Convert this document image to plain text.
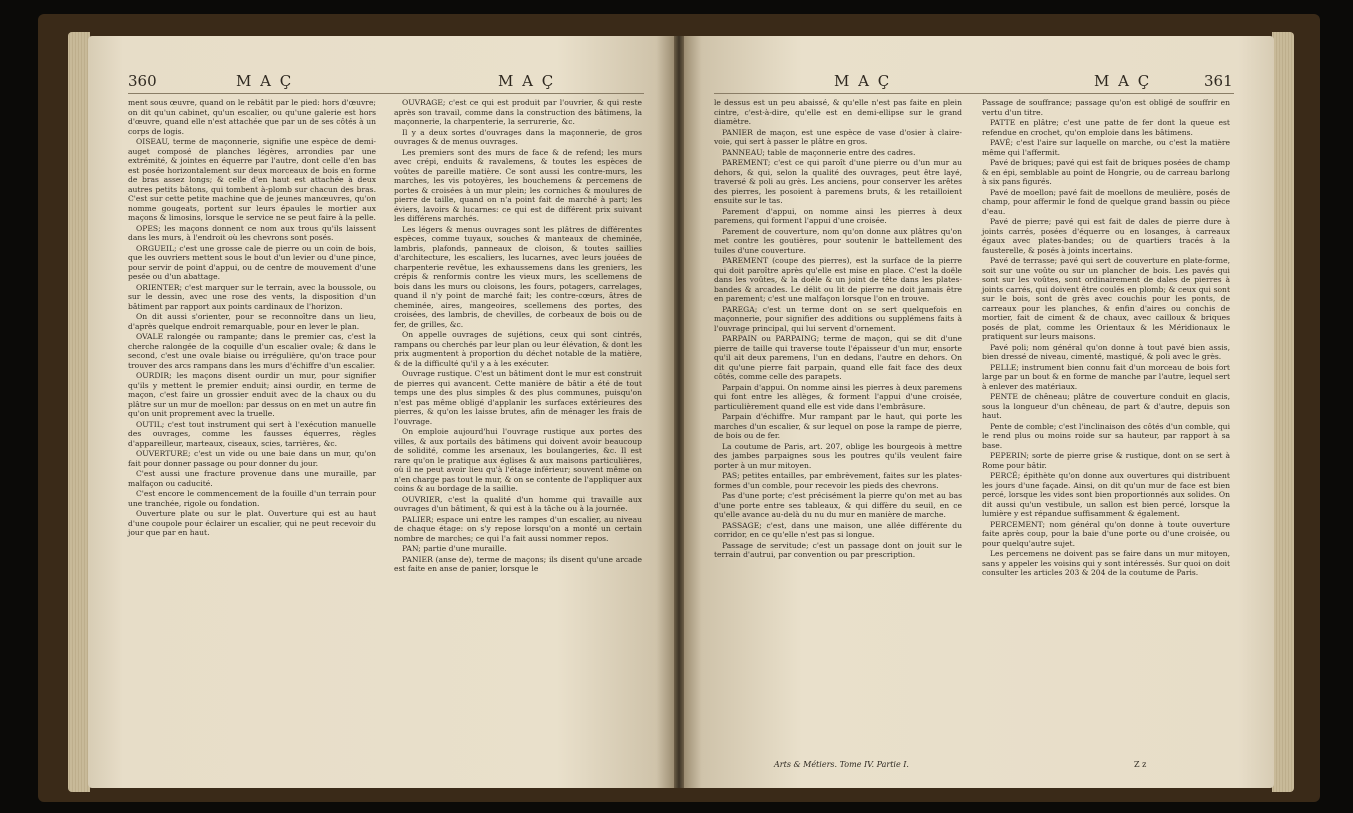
360	M A Ç	M A Ç

ment sous œuvre, quand on le rebâtit par le pied: hors d'œuvre; on dit qu'un cabinet, qu'un escalier, ou qu'une galerie est hors d'œuvre, quand elle n'est attachée que par un de ses côtés à un corps de logis.

OISEAU, terme de maçonnerie, signifie une espèce de demi-auget composé de planches légères, arrondies par une extrémité, & jointes en équerre par l'autre, dont celle d'en bas est posée horizontalement sur deux morceaux de bois en forme de bras assez longs; & celle d'en haut est attachée à deux autres petits bâtons, qui tombent à-plomb sur chacun des bras. C'est sur cette petite machine que de jeunes manœuvres, qu'on nomme gougeats, portent sur leurs épaules le mortier aux maçons & limosins, lorsque le service ne se peut faire à la pelle.

OPES; les maçons donnent ce nom aux trous qu'ils laissent dans les murs, à l'endroit où les chevrons sont posés.

ORGUEIL; c'est une grosse cale de pierre ou un coin de bois, que les ouvriers mettent sous le bout d'un levier ou d'une pince, pour servir de point d'appui, ou de centre de mouvement d'une pesée ou d'un abattage.

ORIENTER; c'est marquer sur le terrain, avec la boussole, ou sur le dessin, avec une rose des vents, la disposition d'un bâtiment par rapport aux points cardinaux de l'horizon.

On dit aussi s'orienter, pour se reconnoître dans un lieu, d'après quelque endroit remarquable, pour en lever le plan.

OVALE ralongée ou rampante; dans le premier cas, c'est la cherche ralongée de la coquille d'un escalier ovale; & dans le second, c'est une ovale biaise ou irrégulière, qu'on trace pour trouver des arcs rampans dans les murs d'échiffre d'un escalier.

OURDIR; les maçons disent ourdir un mur, pour signifier qu'ils y mettent le premier enduit; ainsi ourdir, en terme de maçon, c'est faire un grossier enduit avec de la chaux ou du plâtre sur un mur de moellon: par dessus on en met un autre fin qu'on unit proprement avec la truelle.

OUTIL; c'est tout instrument qui sert à l'exécution manuelle des ouvrages, comme les fausses équerres, règles d'appareilleur, marteaux, ciseaux, scies, tarrières, &c.

OUVERTURE; c'est un vide ou une baie dans un mur, qu'on fait pour donner passage ou pour donner du jour.

C'est aussi une fracture provenue dans une muraille, par malfaçon ou caducité.

C'est encore le commencement de la fouille d'un terrain pour une tranchée, rigole ou fondation.

Ouverture plate ou sur le plat. Ouverture qui est au haut d'une coupole pour éclairer un escalier, qui ne peut recevoir du jour que par en haut.

OUVRAGE; c'est ce qui est produit par l'ouvrier, & qui reste après son travail, comme dans la construction des bâtimens, la maçonnerie, la charpenterie, la serrurerie, &c.

Il y a deux sortes d'ouvrages dans la maçonnerie, de gros ouvrages & de menus ouvrages.

Les premiers sont des murs de face & de refend; les murs avec crépi, enduits & ravalemens, & toutes les espèces de voûtes de pareille matière. Ce sont aussi les contre-murs, les marches, les vis potoyères, les bouchemens & percemens de portes & croisées à un mur plein; les corniches & moulures de pierre de taille, quand on n'a point fait de marché à part; les éviers, lavoirs & lucarnes: ce qui est de différent prix suivant les différens marchés.

Les légers & menus ouvrages sont les plâtres de différentes espèces, comme tuyaux, souches & manteaux de cheminée, lambris, plafonds, panneaux de cloison, & toutes saillies d'architecture, les escaliers, les lucarnes, avec leurs jouées de charpenterie revêtue, les exhaussemens dans les greniers, les crépis & renformis contre les vieux murs, les scellemens de bois dans les murs ou cloisons, les fours, potagers, carrelages, quand il n'y point de marché fait; les contre-cœurs, âtres de cheminée, aires, mangeoires, scellemens des portes, des croisées, des lambris, de chevilles, de corbeaux de bois ou de fer, de grilles, &c.

On appelle ouvrages de sujétions, ceux qui sont cintrés, rampans ou cherchés par leur plan ou leur élévation, & dont les prix augmentent à proportion du déchet notable de la matière, & de la difficulté qu'il y a à les exécuter.

Ouvrage rustique. C'est un bâtiment dont le mur est construit de pierres qui avancent. Cette manière de bâtir a été de tout temps une des plus simples & des plus communes, puisqu'on n'est pas même obligé d'applanir les surfaces extérieures des pierres, & qu'on les laisse brutes, afin de ménager les frais de l'ouvrage.

On emploie aujourd'hui l'ouvrage rustique aux portes des villes, & aux portails des bâtimens qui doivent avoir beaucoup de solidité, comme les arsenaux, les boulangeries, &c. Il est rare qu'on le pratique aux églises & aux maisons particulières, où il ne peut avoir lieu qu'à l'étage inférieur; souvent même on n'en charge pas tout le mur, & on se contente de l'appliquer aux coins & au bordage de la saillie.

OUVRIER, c'est la qualité d'un homme qui travaille aux ouvrages d'un bâtiment, & qui est à la tâche ou à la journée.

PALIER; espace uni entre les rampes d'un escalier, au niveau de chaque étage: on s'y repose lorsqu'on a monté un certain nombre de marches; ce qui l'a fait aussi nommer repos.

PAN; partie d'une muraille.

PANIER (anse de), terme de maçons; ils disent qu'une arcade est faite en anse de panier, lorsque le

M A Ç	M A Ç	361

le dessus est un peu abaissé, & qu'elle n'est pas faite en plein cintre, c'est-à-dire, qu'elle est en demi-ellipse sur le grand diamètre.

PANIER de maçon, est une espèce de vase d'osier à claire-voie, qui sert à passer le plâtre en gros.

PANNEAU; table de maçonnerie entre des cadres.

PAREMENT; c'est ce qui paroît d'une pierre ou d'un mur au dehors, & qui, selon la qualité des ouvrages, peut être layé, traversé & poli au grès. Les anciens, pour conserver les arêtes des pierres, les posoient à paremens bruts, & les retailloient ensuite sur le tas.

Parement d'appui, on nomme ainsi les pierres à deux paremens, qui forment l'appui d'une croisée.

Parement de couverture, nom qu'on donne aux plâtres qu'on met contre les goutières, pour soutenir le battellement des tuiles d'une couverture.

PAREMENT (coupe des pierres), est la surface de la pierre qui doit paroître après qu'elle est mise en place. C'est la doële dans les voûtes, & la doële & un joint de tête dans les plates-bandes & arcades. Le délit ou lit de pierre ne doit jamais être en parement; c'est une malfaçon lorsque l'on en trouve.

PAREGA; c'est un terme dont on se sert quelquefois en maçonnerie, pour signifier des additions ou supplémens faits à l'ouvrage principal, qui lui servent d'ornement.

PARPAIN ou PARPAING; terme de maçon, qui se dit d'une pierre de taille qui traverse toute l'épaisseur d'un mur, ensorte qu'il ait deux paremens, l'un en dedans, l'autre en dehors. On dit qu'une pierre fait parpain, quand elle fait face des deux côtés, comme celle des parapets.

Parpain d'appui. On nomme ainsi les pierres à deux paremens qui font entre les allèges, & forment l'appui d'une croisée, particulièrement quand elle est vide dans l'embrâsure.

Parpain d'échiffre. Mur rampant par le haut, qui porte les marches d'un escalier, & sur lequel on pose la rampe de pierre, de bois ou de fer.

La coutume de Paris, art. 207, oblige les bourgeois à mettre des jambes parpaignes sous les poutres qu'ils veulent faire porter à un mur mitoyen.

PAS; petites entailles, par embrèvement, faites sur les plates-formes d'un comble, pour recevoir les pieds des chevrons.

Pas d'une porte; c'est précisément la pierre qu'on met au bas d'une porte entre ses tableaux, & qui diffère du seuil, en ce qu'elle avance au-delà du nu du mur en manière de marche.

PASSAGE; c'est, dans une maison, une allée différente du corridor, en ce qu'elle n'est pas si longue.

Passage de servitude; c'est un passage dont on jouit sur le terrain d'autrui, par convention ou par prescription.

Passage de souffrance; passage qu'on est obligé de souffrir en vertu d'un titre.

PATTE en plâtre; c'est une patte de fer dont la queue est refendue en crochet, qu'on emploie dans les bâtimens.

PAVÉ; c'est l'aire sur laquelle on marche, ou c'est la matière même qui l'affermit.

Pavé de briques; pavé qui est fait de briques posées de champ & en épi, semblable au point de Hongrie, ou de carreau barlong à six pans figurés.

Pavé de moellon; pavé fait de moellons de meulière, posés de champ, pour affermir le fond de quelque grand bassin ou pièce d'eau.

Pavé de pierre; pavé qui est fait de dales de pierre dure à joints carrés, posées d'équerre ou en losanges, à carreaux égaux avec plates-bandes; ou de quartiers tracés à la fausterelle, & posés à joints incertains.

Pavé de terrasse; pavé qui sert de couverture en plate-forme, soit sur une voûte ou sur un plancher de bois. Les pavés qui sont sur les voûtes, sont ordinairement de dales de pierres à joints carrés, qui doivent être coulés en plomb; & ceux qui sont sur le bois, sont de grès avec couchis pour les ponts, de carreaux pour les planches, & enfin d'aires ou conchis de mortier, fait de ciment & de chaux, avec cailloux & briques posés de plat, comme les Orientaux & les Méridionaux le pratiquent sur leurs maisons.

Pavé poli; nom général qu'on donne à tout pavé bien assis, bien dressé de niveau, cimenté, mastiqué, & poli avec le grès.

PELLE; instrument bien connu fait d'un morceau de bois fort large par un bout & en forme de manche par l'autre, lequel sert à enlever des matériaux.

PENTE de chêneau; plâtre de couverture conduit en glacis, sous la longueur d'un chêneau, de part & d'autre, depuis son haut.

Pente de comble; c'est l'inclinaison des côtés d'un comble, qui le rend plus ou moins roide sur sa hauteur, par rapport à sa base.

PEPERIN; sorte de pierre grise & rustique, dont on se sert à Rome pour bâtir.

PERCÉ; épithète qu'on donne aux ouvertures qui distribuent les jours d'une façade. Ainsi, on dit qu'un mur de face est bien percé, lorsque les vides sont bien proportionnés aux solides. On dit aussi qu'un vestibule, un sallon est bien percé, lorsque la lumière y est répandue suffisamment & également.

PERCEMENT; nom général qu'on donne à toute ouverture faite après coup, pour la baie d'une porte ou d'une croisée, ou pour quelqu'autre sujet.

Les percemens ne doivent pas se faire dans un mur mitoyen, sans y appeler les voisins qui y sont intéressés. Sur quoi on doit consulter les articles 203 & 204 de la coutume de Paris.

Arts & Métiers. Tome IV. Partie I.	Z z
